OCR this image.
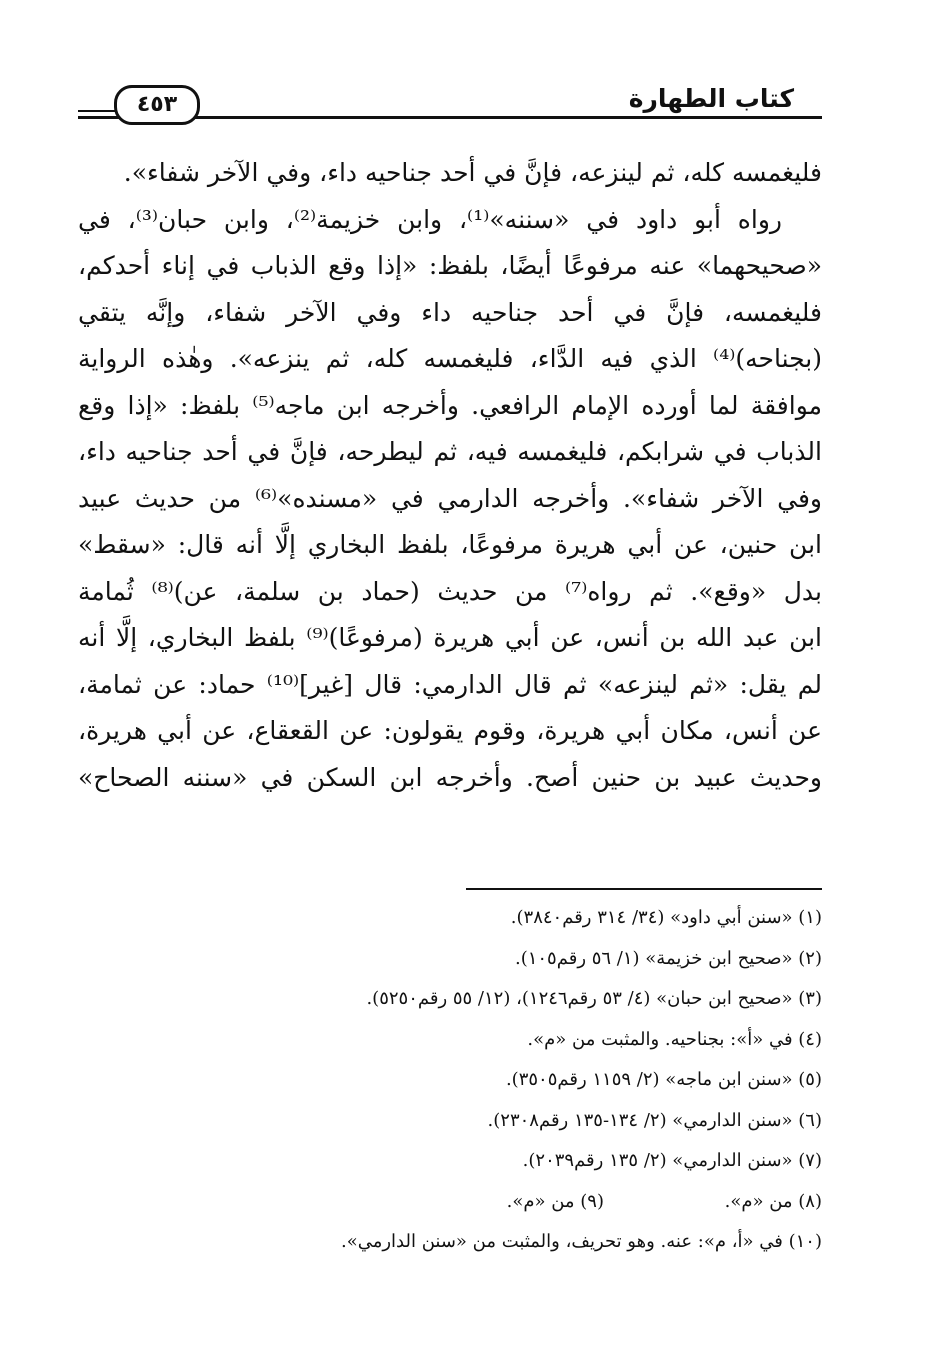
٤٥٣	كتاب الطهارة

فليغمسه كله، ثم لينزعه، فإنَّ في أحد جناحيه داء، وفي الآخر شفاء».

رواه أبو داود في «سننه»⁽¹⁾، وابن خزيمة⁽²⁾، وابن حبان⁽³⁾، في

«صحيحهما» عنه مرفوعًا أيضًا، بلفظ: «إذا وقع الذباب في إناء أحدكم،

فليغمسه، فإنَّ في أحد جناحيه داء وفي الآخر شفاء، وإنَّه يتقي

(بجناحه)⁽⁴⁾ الذي فيه الدَّاء، فليغمسه كله، ثم ينزعه». وهٰذه الرواية

موافقة لما أورده الإمام الرافعي. وأخرجه ابن ماجه⁽⁵⁾ بلفظ: «إذا وقع

الذباب في شرابكم، فليغمسه فيه، ثم ليطرحه، فإنَّ في أحد جناحيه داء،

وفي الآخر شفاء». وأخرجه الدارمي في «مسنده»⁽⁶⁾ من حديث عبيد

ابن حنين، عن أبي هريرة مرفوعًا، بلفظ البخاري إلَّا أنه قال: «سقط»

بدل «وقع». ثم رواه⁽⁷⁾ من حديث (حماد بن سلمة، عن)⁽⁸⁾ ثُمامة

ابن عبد الله بن أنس، عن أبي هريرة (مرفوعًا)⁽⁹⁾ بلفظ البخاري، إلَّا أنه

لم يقل: «ثم لينزعه» ثم قال الدارمي: قال [غير]⁽¹⁰⁾ حماد: عن ثمامة،

عن أنس، مكان أبي هريرة، وقوم يقولون: عن القعقاع، عن أبي هريرة،

وحديث عبيد بن حنين أصح. وأخرجه ابن السكن في «سننه الصحاح»

(١) «سنن أبي داود» (٣٤/ ٣١٤ رقم٣٨٤٠).

(٢) «صحيح ابن خزيمة» (١/ ٥٦ رقم١٠٥).

(٣) «صحيح ابن حبان» (٤/ ٥٣ رقم١٢٤٦)، (١٢/ ٥٥ رقم٥٢٥٠).

(٤) في «أ»: بجناحيه. والمثبت من «م».

(٥) «سنن ابن ماجه» (٢/ ١١٥٩ رقم٣٥٠٥).

(٦) «سنن الدارمي» (٢/ ١٣٤-١٣٥ رقم٢٣٠٨).

(٧) «سنن الدارمي» (٢/ ١٣٥ رقم٢٠٣٩).

(٨) من «م».
(٩) من «م».

(١٠) في «أ، م»: عنه. وهو تحريف، والمثبت من «سنن الدارمي».
